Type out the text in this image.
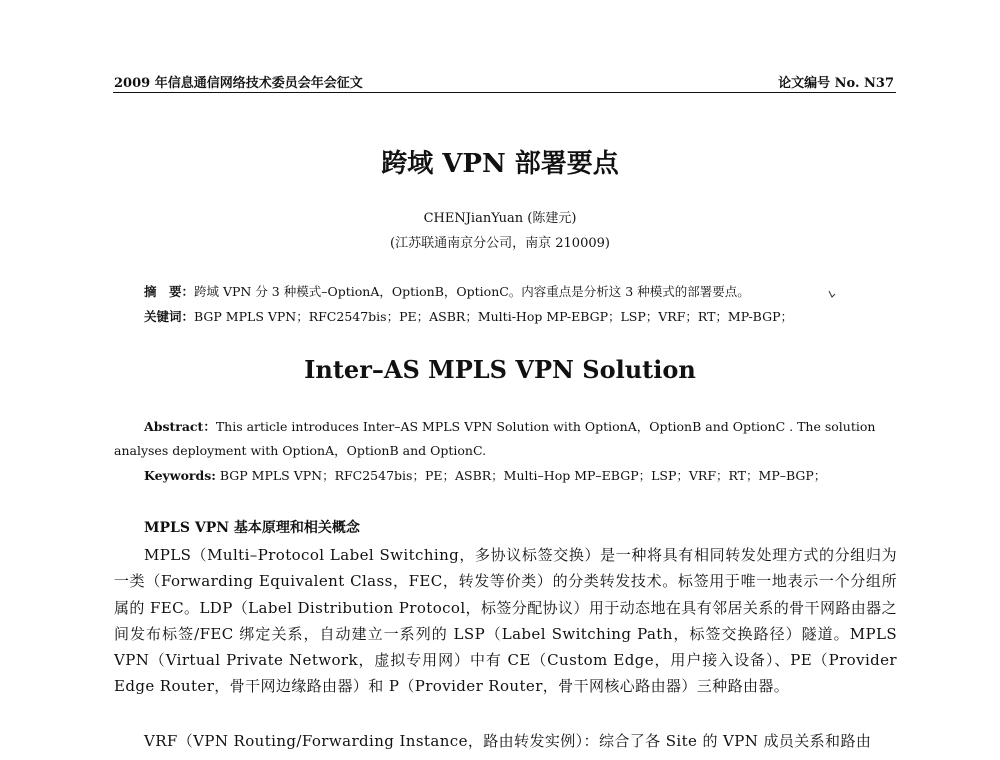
2009 年信息通信网络技术委员会年会征文	论文编号 No. N37
跨域 VPN 部署要点
CHENJianYuan (陈建元)
(江苏联通南京分公司，南京 210009)
摘　要：跨域 VPN 分 3 种模式–OptionA，OptionB，OptionC。内容重点是分析这 3 种模式的部署要点。
关键词：BGP MPLS VPN；RFC2547bis；PE；ASBR；Multi-Hop MP-EBGP；LSP；VRF；RT；MP-BGP；
Inter–AS MPLS VPN Solution
Abstract：This article introduces Inter–AS MPLS VPN Solution with OptionA，OptionB and OptionC . The solution analyses deployment with OptionA，OptionB and OptionC.
Keywords: BGP MPLS VPN；RFC2547bis；PE；ASBR；Multi–Hop MP–EBGP；LSP；VRF；RT；MP–BGP；
MPLS VPN 基本原理和相关概念
MPLS（Multi–Protocol Label Switching，多协议标签交换）是一种将具有相同转发处理方式的分组归为一类（Forwarding Equivalent Class，FEC，转发等价类）的分类转发技术。标签用于唯一地表示一个分组所属的 FEC。LDP（Label Distribution Protocol，标签分配协议）用于动态地在具有邻居关系的骨干网路由器之间发布标签/FEC 绑定关系，自动建立一系列的 LSP（Label Switching Path，标签交换路径）隧道。MPLS VPN（Virtual Private Network，虚拟专用网）中有 CE（Custom Edge，用户接入设备）、PE（Provider Edge Router，骨干网边缘路由器）和 P（Provider Router，骨干网核心路由器）三种路由器。
VRF（VPN Routing/Forwarding Instance，路由转发实例）：综合了各 Site 的 VPN 成员关系和路由
